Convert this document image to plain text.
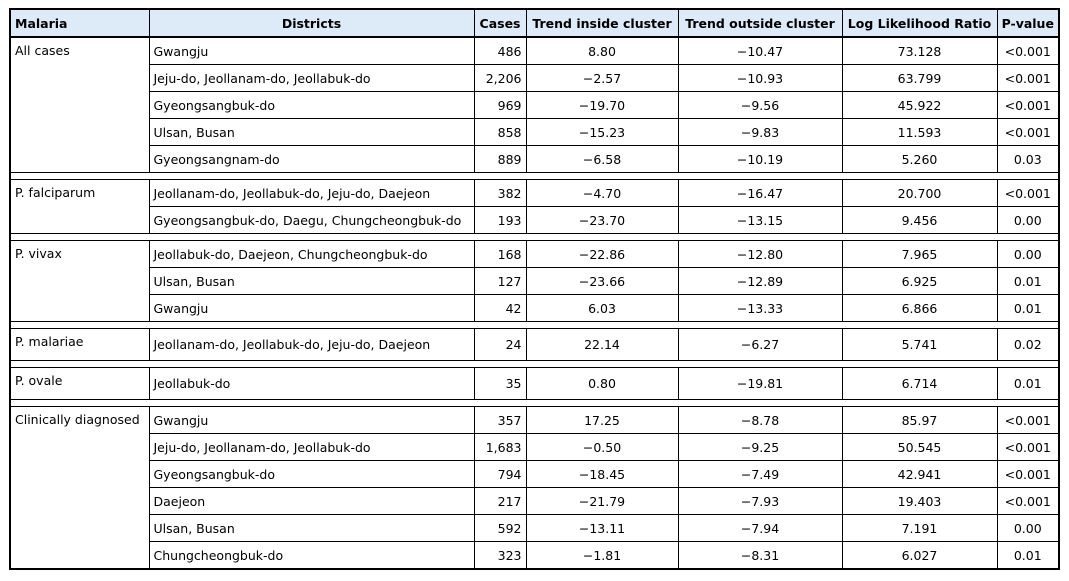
Malaria	Districts	Cases	Trend inside cluster	Trend outside cluster	Log Likelihood Ratio	P-value
All cases	Gwangju	486	8.80	−10.47	73.128	<0.001
	Jeju-do, Jeollanam-do, Jeollabuk-do	2,206	−2.57	−10.93	63.799	<0.001
	Gyeongsangbuk-do	969	−19.70	−9.56	45.922	<0.001
	Ulsan, Busan	858	−15.23	−9.83	11.593	<0.001
	Gyeongsangnam-do	889	−6.58	−10.19	5.260	0.03

P. falciparum	Jeollanam-do, Jeollabuk-do, Jeju-do, Daejeon	382	−4.70	−16.47	20.700	<0.001
	Gyeongsangbuk-do, Daegu, Chungcheongbuk-do	193	−23.70	−13.15	9.456	0.00

P. vivax	Jeollabuk-do, Daejeon, Chungcheongbuk-do	168	−22.86	−12.80	7.965	0.00
	Ulsan, Busan	127	−23.66	−12.89	6.925	0.01
	Gwangju	42	6.03	−13.33	6.866	0.01

P. malariae	Jeollanam-do, Jeollabuk-do, Jeju-do, Daejeon	24	22.14	−6.27	5.741	0.02

P. ovale	Jeollabuk-do	35	0.80	−19.81	6.714	0.01

Clinically diagnosed	Gwangju	357	17.25	−8.78	85.97	<0.001
	Jeju-do, Jeollanam-do, Jeollabuk-do	1,683	−0.50	−9.25	50.545	<0.001
	Gyeongsangbuk-do	794	−18.45	−7.49	42.941	<0.001
	Daejeon	217	−21.79	−7.93	19.403	<0.001
	Ulsan, Busan	592	−13.11	−7.94	7.191	0.00
	Chungcheongbuk-do	323	−1.81	−8.31	6.027	0.01
